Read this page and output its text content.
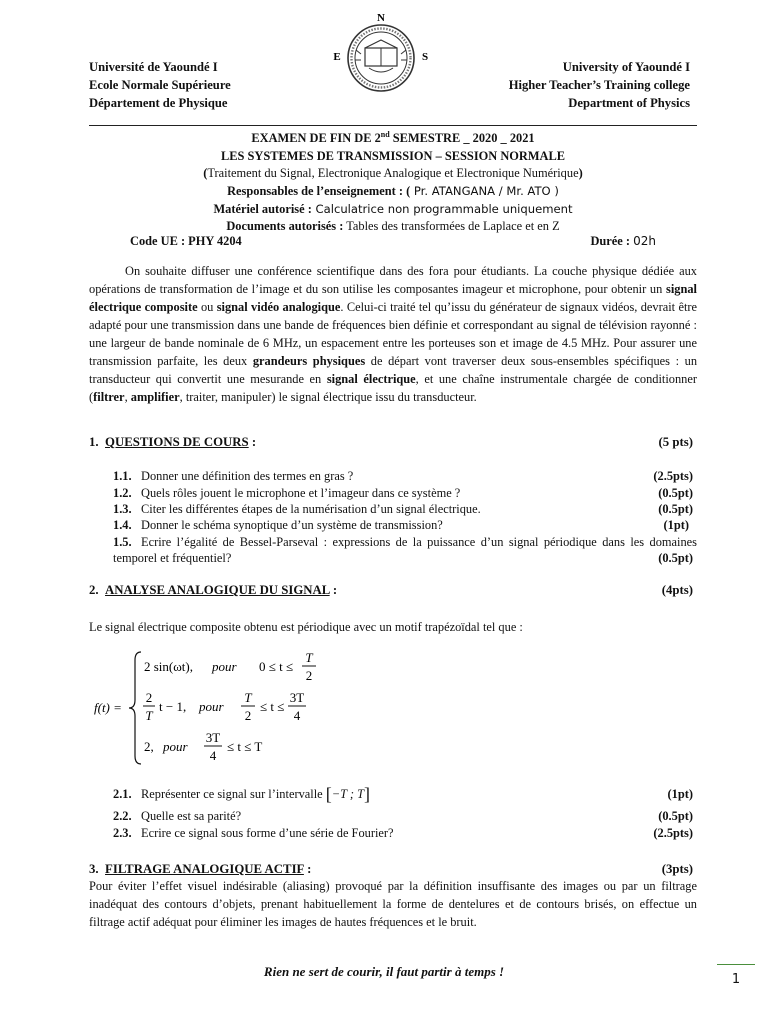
Université de Yaoundé I
Ecole Normale Supérieure
Département de Physique
N
E	S
University of Yaoundé I
Higher Teacher’s Training college
Department of Physics
EXAMEN DE FIN DE 2nd SEMESTRE _ 2020 _ 2021
LES SYSTEMES DE TRANSMISSION – SESSION NORMALE
(Traitement du Signal, Electronique Analogique et Electronique Numérique)
Responsables de l’enseignement : ( Pr. ATANGANA / Mr. ATO )
Matériel autorisé : Calculatrice non programmable uniquement
Documents autorisés : Tables des transformées de Laplace et en Z
Code UE : PHY 4204	Durée : 02h
On souhaite diffuser une conférence scientifique dans des fora pour étudiants. La couche physique dédiée aux opérations de transformation de l’image et du son utilise les composantes imageur et microphone, pour obtenir un signal électrique composite ou signal vidéo analogique. Celui-ci traité tel qu’issu du générateur de signaux vidéos, devrait être adapté pour une transmission dans une bande de fréquences bien définie et correspondant au signal de télévision rayonné : une largeur de bande nominale de 6 MHz, un espacement entre les porteuses son et image de 4.5 MHz. Pour assurer une transmission parfaite, les deux grandeurs physiques de départ vont traverser deux sous-ensembles spécifiques : un transducteur qui convertit une mesurande en signal électrique, et une chaîne instrumentale chargée de conditionner (filtrer, amplifier, traiter, manipuler) le signal électrique issu du transducteur.
1. QUESTIONS DE COURS :	(5 pts)
1.1. Donner une définition des termes en gras ?	(2.5pts)
1.2. Quels rôles jouent le microphone et l’imageur dans ce système ?	(0.5pt)
1.3. Citer les différentes étapes de la numérisation d’un signal électrique.	(0.5pt)
1.4. Donner le schéma synoptique d’un système de transmission?	(1pt)
1.5. Ecrire l’égalité de Bessel-Parseval : expressions de la puissance d’un signal périodique dans les domaines temporel et fréquentiel?	(0.5pt)
2. ANALYSE ANALOGIQUE DU SIGNAL :	(4pts)
Le signal électrique composite obtenu est périodique avec un motif trapézoïdal tel que :
f(t) =
2 sin(ωt), pour 0 ≤ t ≤
T
2
2
T
t − 1, pour
T
2
≤ t ≤
3T
4
2, pour
3T
4
≤ t ≤ T
2.1. Représenter ce signal sur l’intervalle [−T ; T]	(1pt)
2.2. Quelle est sa parité?	(0.5pt)
2.3. Ecrire ce signal sous forme d’une série de Fourier?	(2.5pts)
3. FILTRAGE ANALOGIQUE ACTIF :	(3pts)
Pour éviter l’effet visuel indésirable (aliasing) provoqué par la définition insuffisante des images ou par un filtrage inadéquat des contours d’objets, prenant habituellement la forme de dentelures et de contours brisés, on effectue un filtrage actif adéquat pour éliminer les images de hautes fréquences et le bruit.
Rien ne sert de courir, il faut partir à temps !
1
